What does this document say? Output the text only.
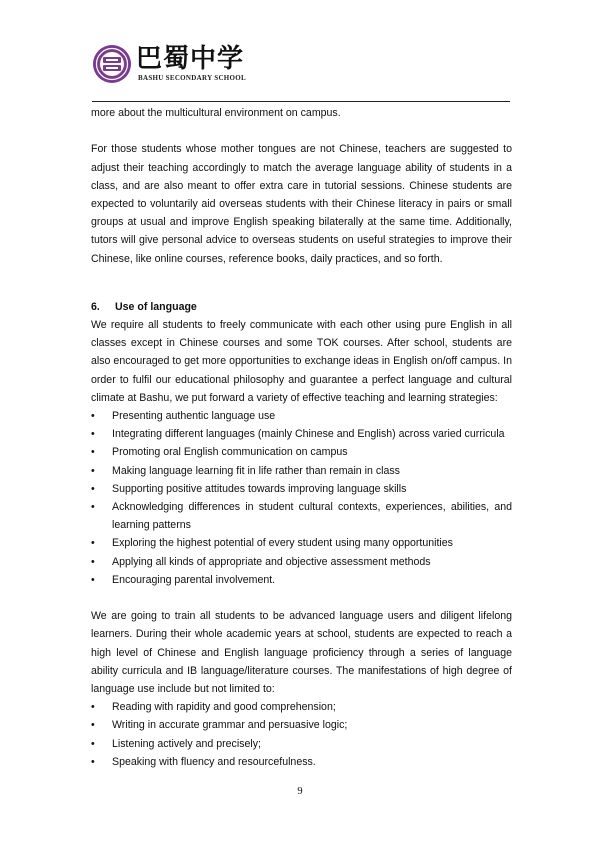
巴蜀中学
BASHU SECONDARY SCHOOL

more about the multicultural environment on campus.

For those students whose mother tongues are not Chinese, teachers are suggested to adjust their teaching accordingly to match the average language ability of students in a class, and are also meant to offer extra care in tutorial sessions. Chinese students are expected to voluntarily aid overseas students with their Chinese literacy in pairs or small groups at usual and improve English speaking bilaterally at the same time. Additionally, tutors will give personal advice to overseas students on useful strategies to improve their Chinese, like online courses, reference books, daily practices, and so forth.

6. Use of language

We require all students to freely communicate with each other using pure English in all classes except in Chinese courses and some TOK courses. After school, students are also encouraged to get more opportunities to exchange ideas in English on/off campus. In order to fulfil our educational philosophy and guarantee a perfect language and cultural climate at Bashu, we put forward a variety of effective teaching and learning strategies:

• Presenting authentic language use
• Integrating different languages (mainly Chinese and English) across varied curricula
• Promoting oral English communication on campus
• Making language learning fit in life rather than remain in class
• Supporting positive attitudes towards improving language skills
• Acknowledging differences in student cultural contexts, experiences, abilities, and learning patterns
• Exploring the highest potential of every student using many opportunities
• Applying all kinds of appropriate and objective assessment methods
• Encouraging parental involvement.

We are going to train all students to be advanced language users and diligent lifelong learners. During their whole academic years at school, students are expected to reach a high level of Chinese and English language proficiency through a series of language ability curricula and IB language/literature courses. The manifestations of high degree of language use include but not limited to:

• Reading with rapidity and good comprehension;
• Writing in accurate grammar and persuasive logic;
• Listening actively and precisely;
• Speaking with fluency and resourcefulness.
9
